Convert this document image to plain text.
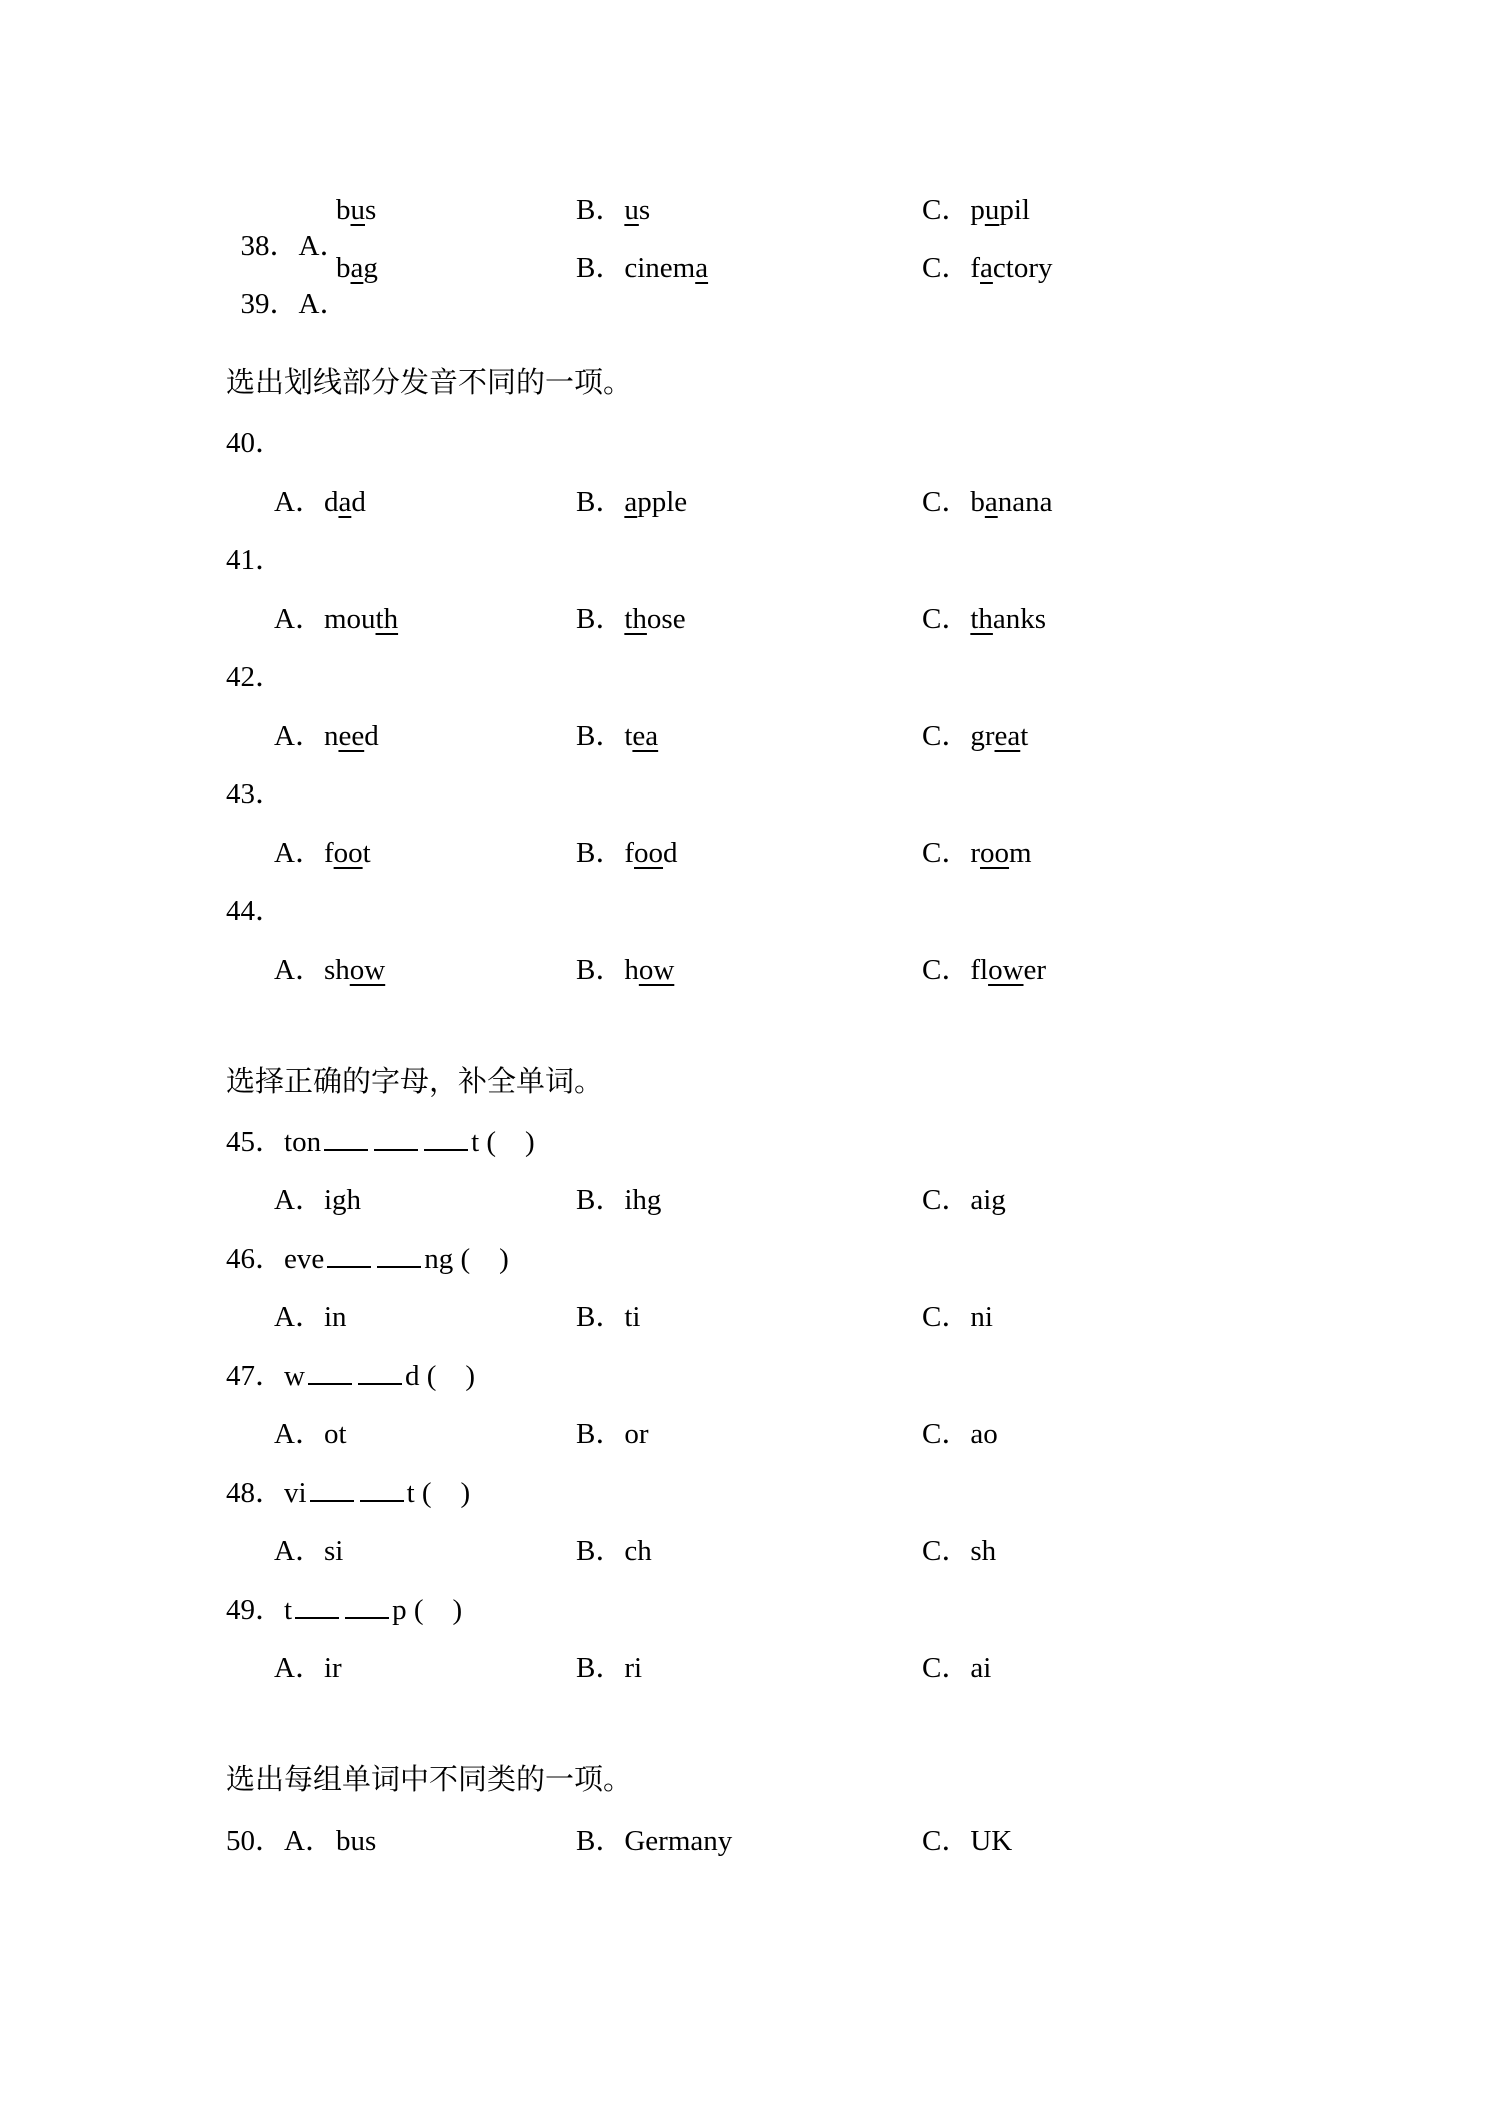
38．A．

bus	B．us	C．pupil

39．A．

bag	B．cinema	C．factory
选出划线部分发音不同的一项。
40．
A．dad	B．apple	C．banana
41．
A．mouth	B．those	C．thanks
42．
A．need	B．tea	C．great
43．
A．foot	B．food	C．room
44．
A．show	B．how	C．flower
选择正确的字母，补全单词。
45．ton	t (    )
A．igh	B．ihg	C．aig
46．eve	ng (    )
A．in	B．ti	C．ni
47．w	d (    )
A．ot	B．or	C．ao
48．vi	t (    )
A．si	B．ch	C．sh
49．t	p (    )
A．ir	B．ri	C．ai
选出每组单词中不同类的一项。
50．A． bus	B．Germany	C．UK
